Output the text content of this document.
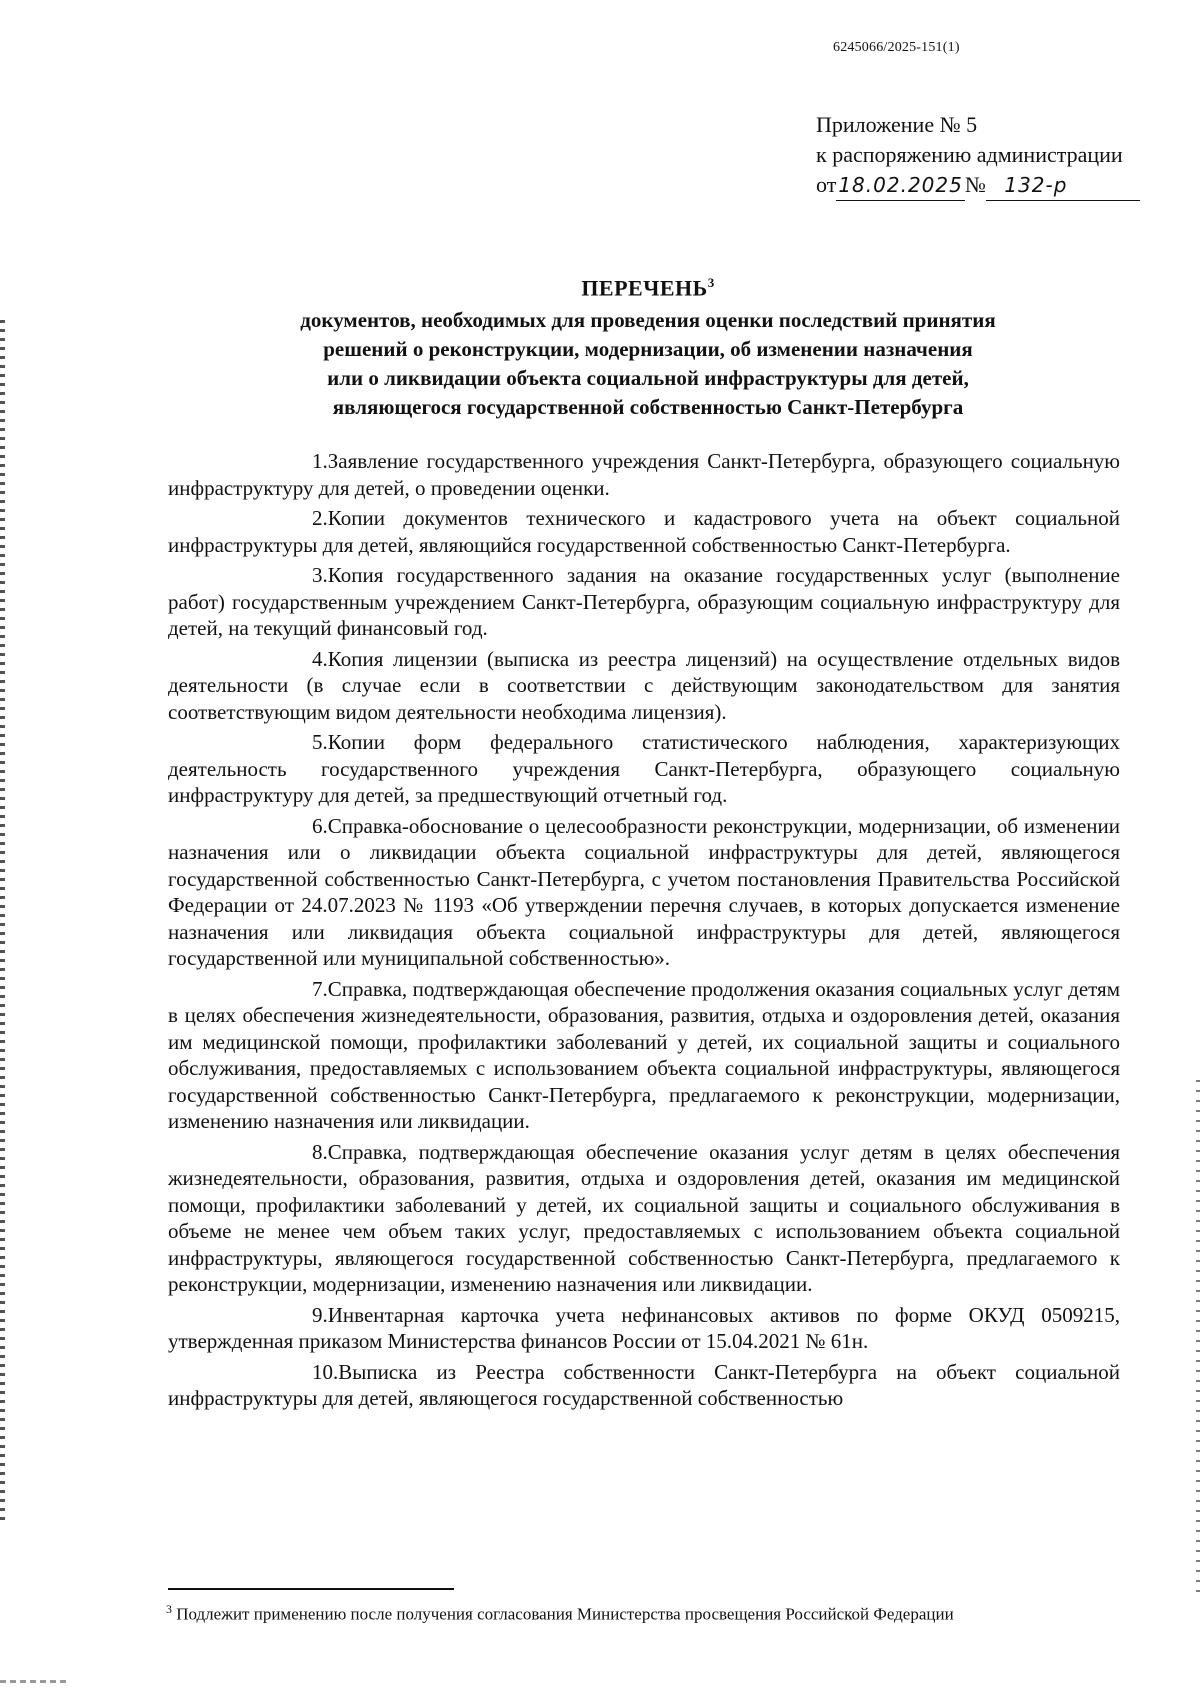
6245066/2025-151(1)
Приложение № 5
к распоряжению администрации
от 18.02.2025№ 132-р
ПЕРЕЧЕНЬ$^3$
документов, необходимых для проведения оценки последствий принятия
решений о реконструкции, модернизации, об изменении назначения
или о ликвидации объекта социальной инфраструктуры для детей,
являющегося государственной собственностью Санкт-Петербурга

1.Заявление государственного учреждения Санкт-Петербурга, образующего социальную инфраструктуру для детей, о проведении оценки.

2.Копии документов технического и кадастрового учета на объект социальной инфраструктуры для детей, являющийся государственной собственностью Санкт-Петербурга.

3.Копия государственного задания на оказание государственных услуг (выполнение работ) государственным учреждением Санкт-Петербурга, образующим социальную инфраструктуру для детей, на текущий финансовый год.

4.Копия лицензии (выписка из реестра лицензий) на осуществление отдельных видов деятельности (в случае если в соответствии с действующим законодательством для занятия соответствующим видом деятельности необходима лицензия).

5.Копии форм федерального статистического наблюдения, характеризующих деятельность государственного учреждения Санкт-Петербурга, образующего социальную инфраструктуру для детей, за предшествующий отчетный год.

6.Справка-обоснование о целесообразности реконструкции, модернизации, об изменении назначения или о ликвидации объекта социальной инфраструктуры для детей, являющегося государственной собственностью Санкт-Петербурга, с учетом постановления Правительства Российской Федерации от 24.07.2023 № 1193 «Об утверждении перечня случаев, в которых допускается изменение назначения или ликвидация объекта социальной инфраструктуры для детей, являющегося государственной или муниципальной собственностью».

7.Справка, подтверждающая обеспечение продолжения оказания социальных услуг детям в целях обеспечения жизнедеятельности, образования, развития, отдыха и оздоровления детей, оказания им медицинской помощи, профилактики заболеваний у детей, их социальной защиты и социального обслуживания, предоставляемых с использованием объекта социальной инфраструктуры, являющегося государственной собственностью Санкт-Петербурга, предлагаемого к реконструкции, модернизации, изменению назначения или ликвидации.

8.Справка, подтверждающая обеспечение оказания услуг детям в целях обеспечения жизнедеятельности, образования, развития, отдыха и оздоровления детей, оказания им медицинской помощи, профилактики заболеваний у детей, их социальной защиты и социального обслуживания в объеме не менее чем объем таких услуг, предоставляемых с использованием объекта социальной инфраструктуры, являющегося государственной собственностью Санкт-Петербурга, предлагаемого к реконструкции, модернизации, изменению назначения или ликвидации.

9.Инвентарная карточка учета нефинансовых активов по форме ОКУД 0509215, утвержденная приказом Министерства финансов России от 15.04.2021 № 61н.

10.Выписка из Реестра собственности Санкт-Петербурга на объект социальной инфраструктуры для детей, являющегося государственной собственностью

$^3$ Подлежит применению после получения согласования Министерства просвещения Российской Федерации
